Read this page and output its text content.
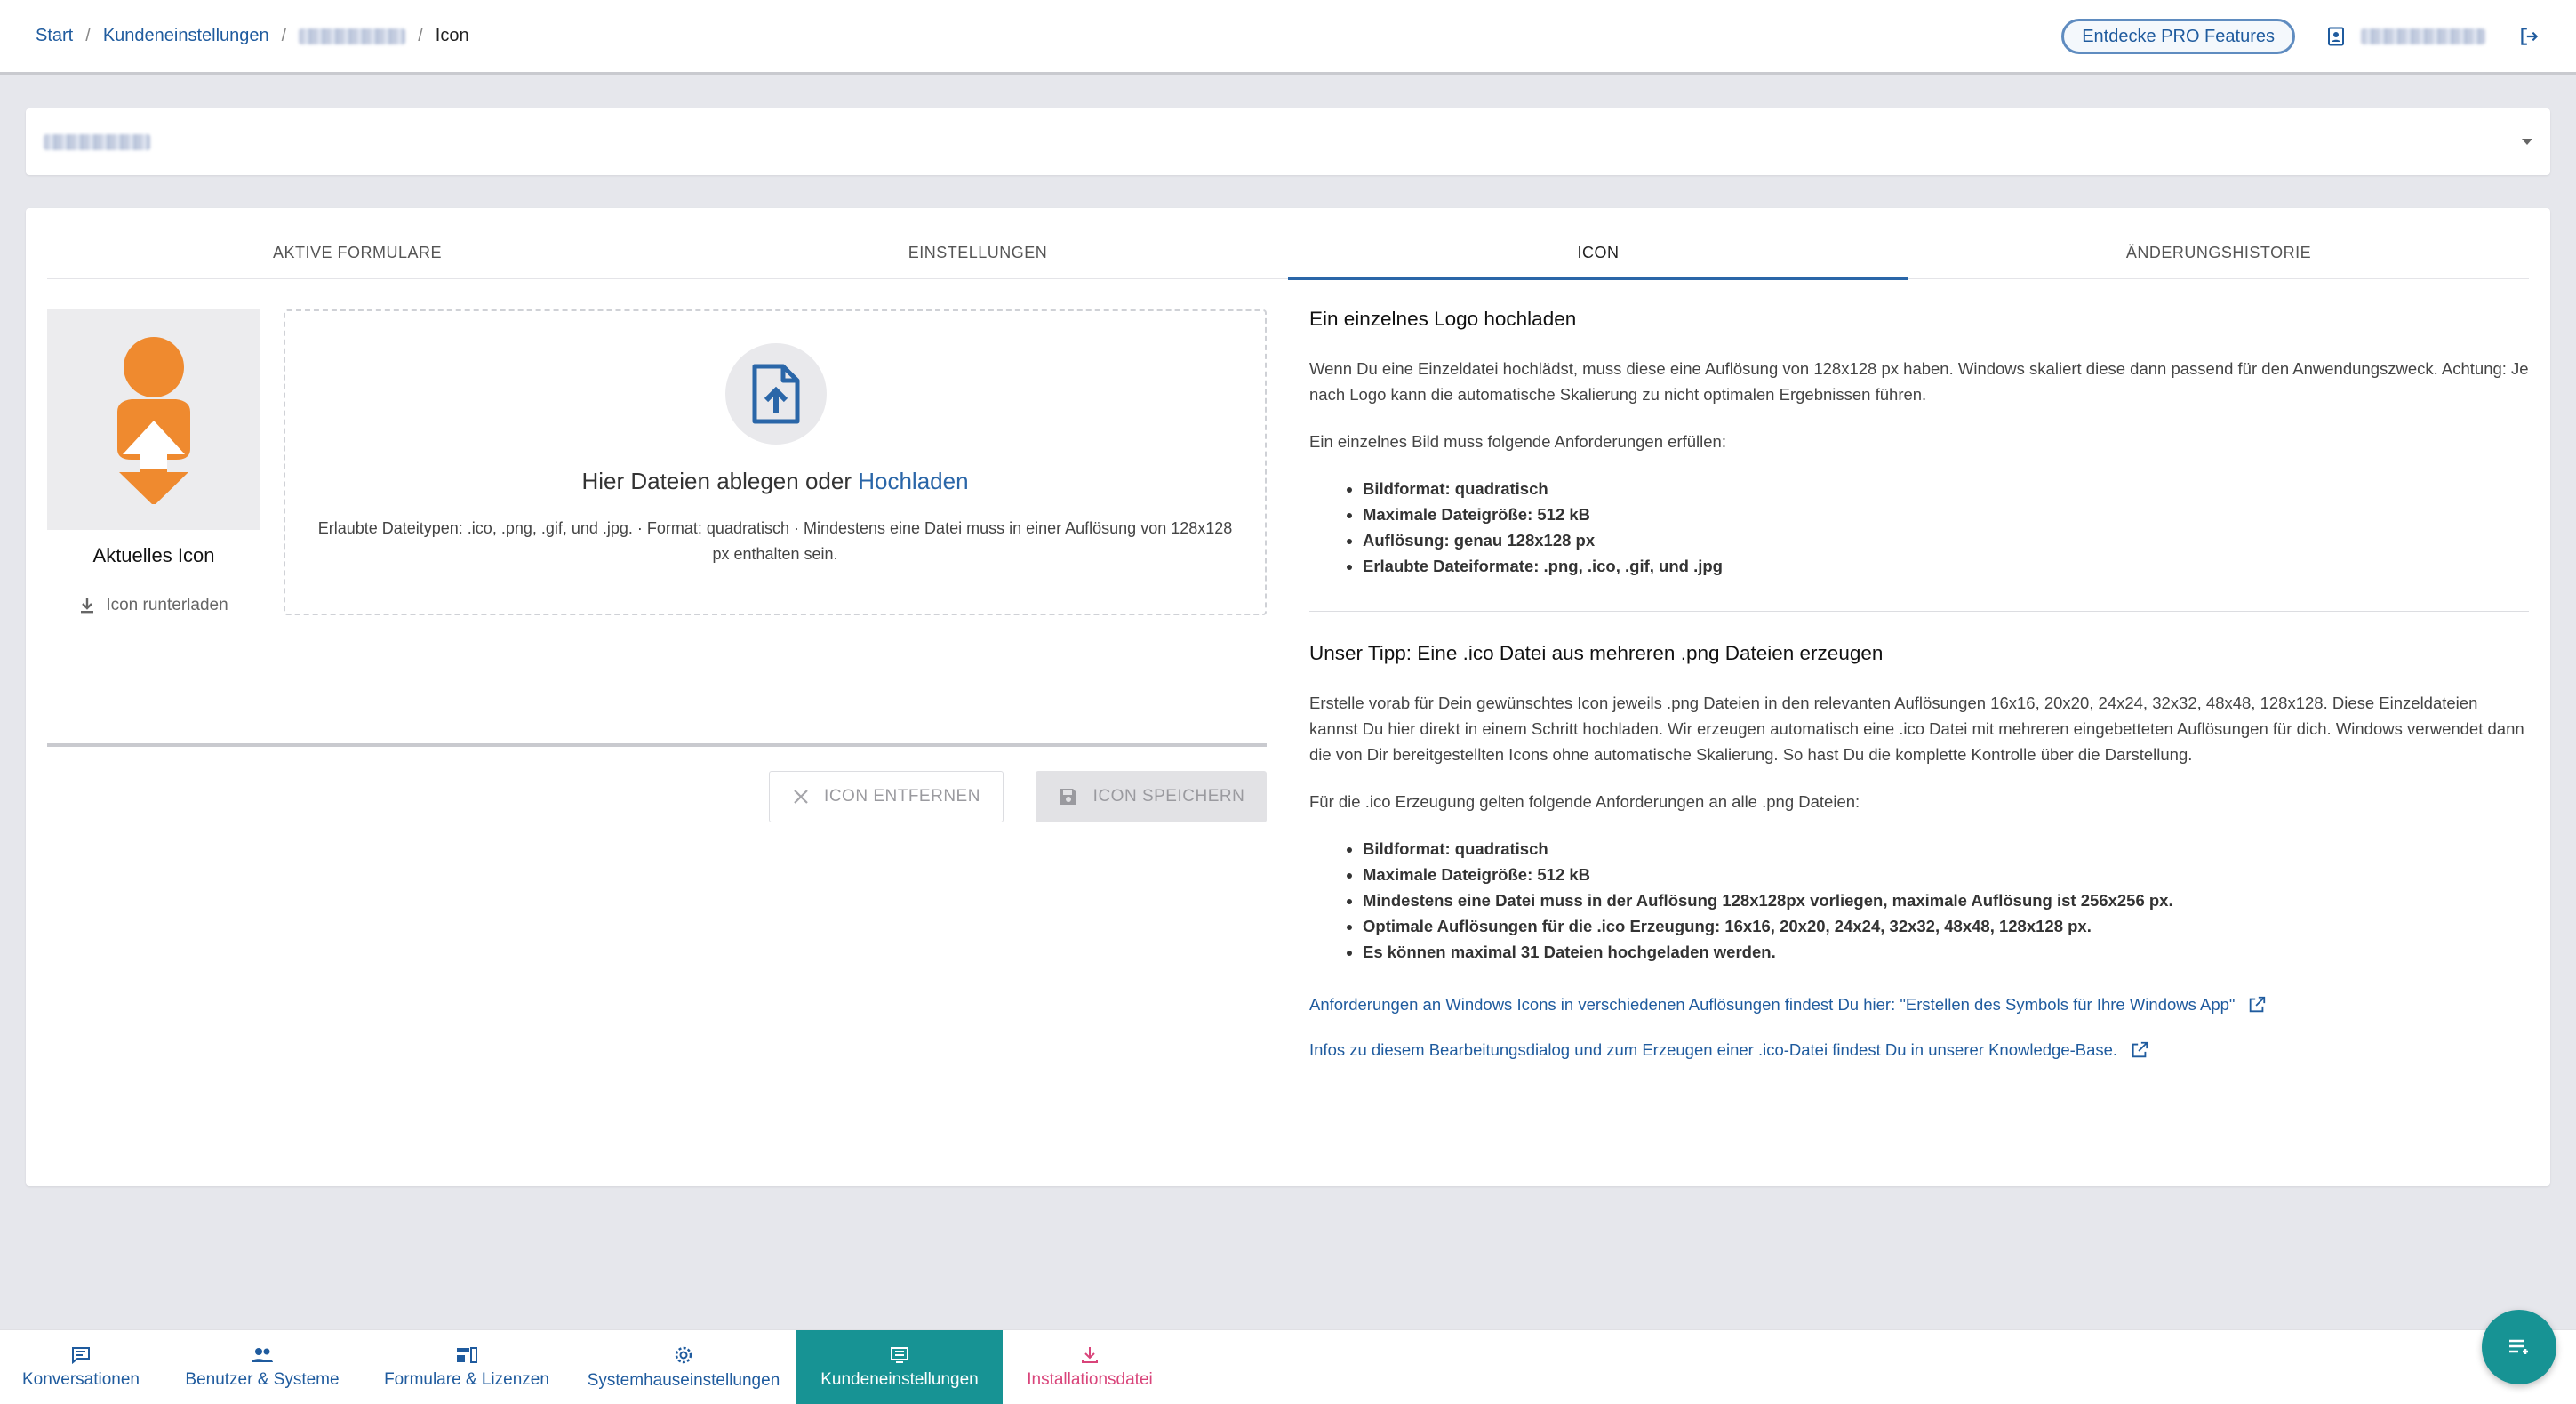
Start / Kundeneinstellungen /	/ Icon	Entdecke PRO Features
AKTIVE FORMULARE	EINSTELLUNGEN	ICON	ÄNDERUNGSHISTORIE
Aktuelles Icon
Icon runterladen
Hier Dateien ablegen oder Hochladen
Erlaubte Dateitypen: .ico, .png, .gif, und .jpg. · Format: quadratisch · Mindestens eine Datei muss in einer Auflösung von 128x128 px enthalten sein.
ICON ENTFERNEN	ICON SPEICHERN
Ein einzelnes Logo hochladen

Wenn Du eine Einzeldatei hochlädst, muss diese eine Auflösung von 128x128 px haben. Windows skaliert diese dann passend für den Anwendungszweck. Achtung: Je nach Logo kann die automatische Skalierung zu nicht optimalen Ergebnissen führen.

Ein einzelnes Bild muss folgende Anforderungen erfüllen:

• Bildformat: quadratisch
• Maximale Dateigröße: 512 kB
• Auflösung: genau 128x128 px
• Erlaubte Dateiformate: .png, .ico, .gif, und .jpg
Unser Tipp: Eine .ico Datei aus mehreren .png Dateien erzeugen

Erstelle vorab für Dein gewünschtes Icon jeweils .png Dateien in den relevanten Auflösungen 16x16, 20x20, 24x24, 32x32, 48x48, 128x128. Diese Einzeldateien kannst Du hier direkt in einem Schritt hochladen. Wir erzeugen automatisch eine .ico Datei mit mehreren eingebetteten Auflösungen für dich. Windows verwendet dann die von Dir bereitgestellten Icons ohne automatische Skalierung. So hast Du die komplette Kontrolle über die Darstellung.

Für die .ico Erzeugung gelten folgende Anforderungen an alle .png Dateien:

• Bildformat: quadratisch
• Maximale Dateigröße: 512 kB
• Mindestens eine Datei muss in der Auflösung 128x128px vorliegen, maximale Auflösung ist 256x256 px.
• Optimale Auflösungen für die .ico Erzeugung: 16x16, 20x20, 24x24, 32x32, 48x48, 128x128 px.
• Es können maximal 31 Dateien hochgeladen werden.
Anforderungen an Windows Icons in verschiedenen Auflösungen findest Du hier: "Erstellen des Symbols für Ihre Windows App"
Infos zu diesem Bearbeitungsdialog und zum Erzeugen einer .ico-Datei findest Du in unserer Knowledge-Base.
Konversationen	Benutzer & Systeme	Formulare & Lizenzen Systemhauseinstellungen Kundeneinstellungen	Installationsdatei
